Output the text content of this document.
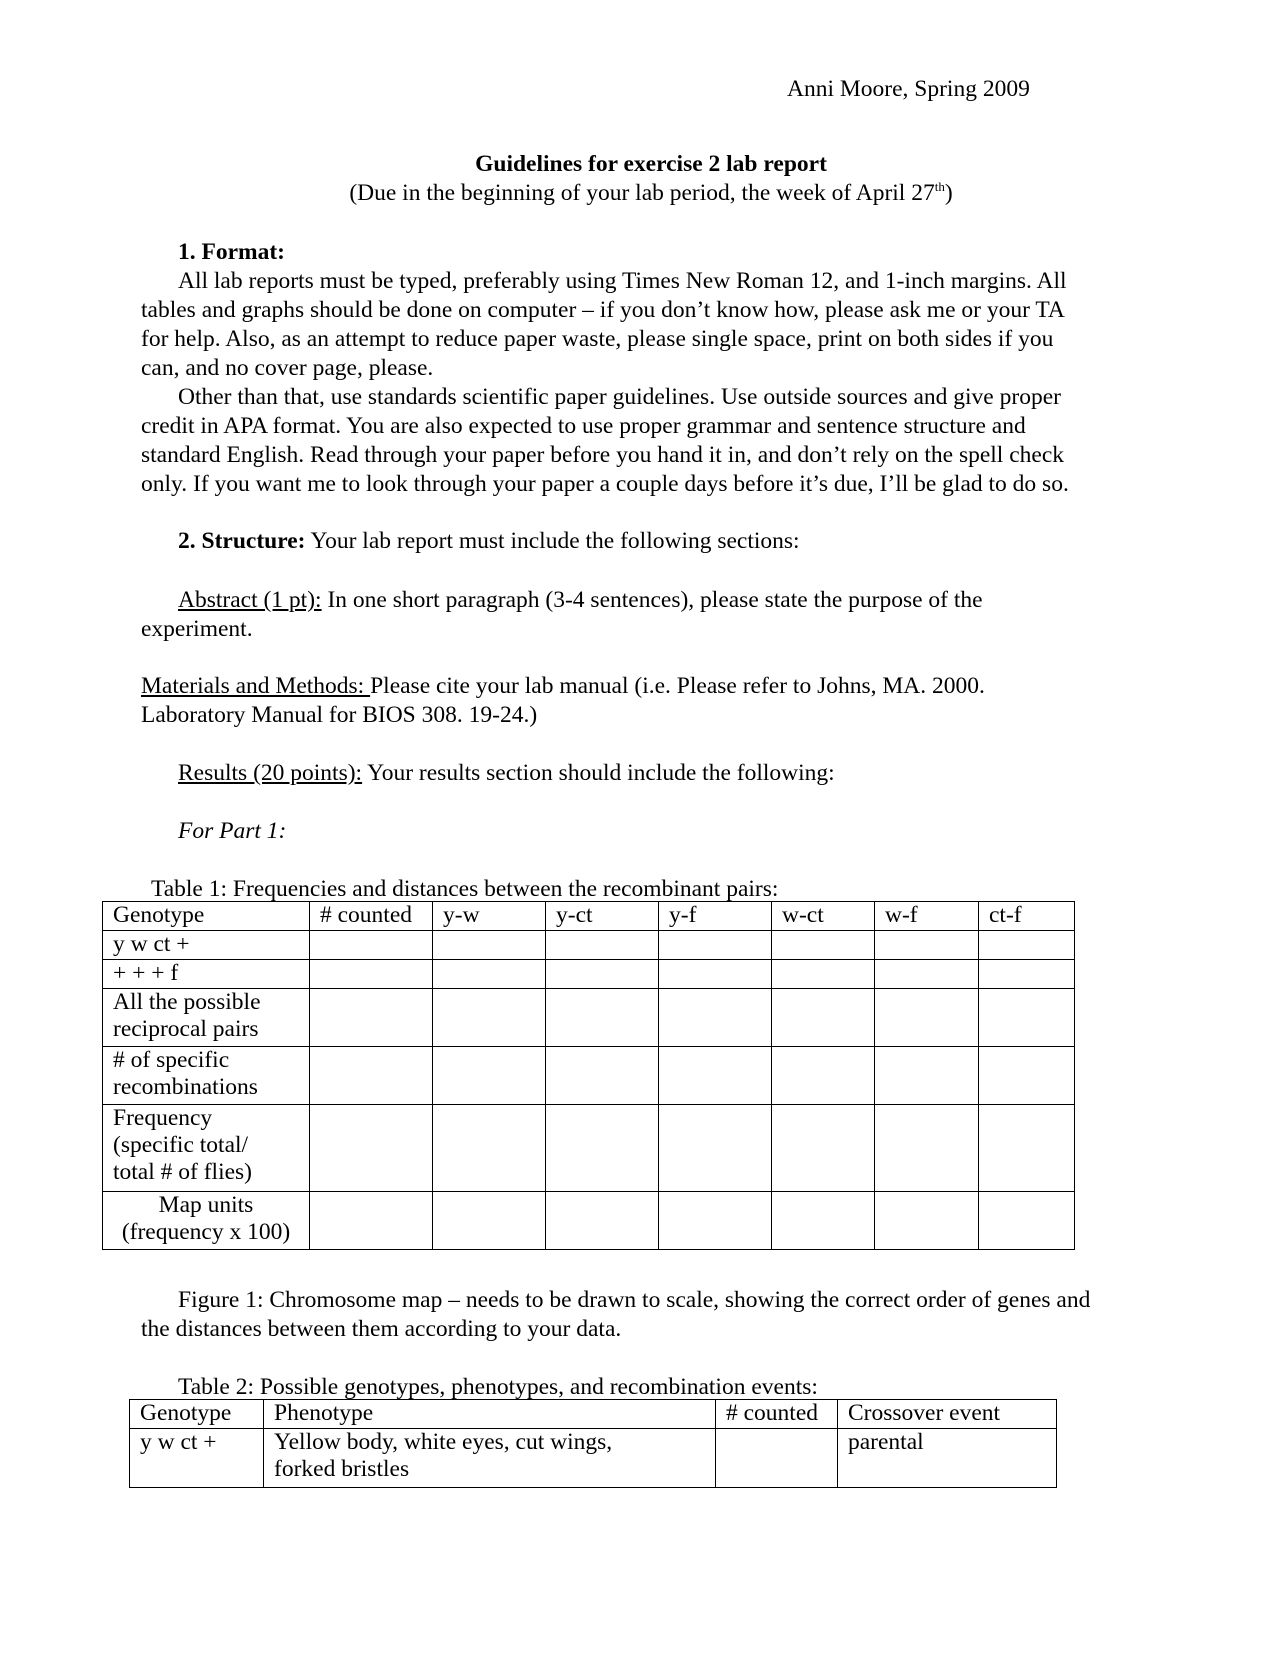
Anni Moore, Spring 2009
Guidelines for exercise 2 lab report
(Due in the beginning of your lab period, the week of April 27th)
1. Format:
All lab reports must be typed, preferably using Times New Roman 12, and 1-inch margins. All
tables and graphs should be done on computer – if you don’t know how, please ask me or your TA
for help. Also, as an attempt to reduce paper waste, please single space, print on both sides if you
can, and no cover page, please.
Other than that, use standards scientific paper guidelines. Use outside sources and give proper
credit in APA format. You are also expected to use proper grammar and sentence structure and
standard English. Read through your paper before you hand it in, and don’t rely on the spell check
only. If you want me to look through your paper a couple days before it’s due, I’ll be glad to do so.
2. Structure: Your lab report must include the following sections:
Abstract (1 pt): In one short paragraph (3-4 sentences), please state the purpose of the
experiment.
Materials and Methods: Please cite your lab manual (i.e. Please refer to Johns, MA. 2000.
Laboratory Manual for BIOS 308. 19-24.)
Results (20 points): Your results section should include the following:
For Part 1:
Table 1: Frequencies and distances between the recombinant pairs:
Genotype	# counted	y-w	y-ct	y-f	w-ct	w-f	ct-f
y w ct +							
+ + + f							

All the possible
reciprocal pairs							

# of specific
recombinations							

Frequency
(specific total/
total # of flies)							

Map units
(frequency x 100)							

Figure 1: Chromosome map – needs to be drawn to scale, showing the correct order of genes and
the distances between them according to your data.
Table 2: Possible genotypes, phenotypes, and recombination events:
Genotype	Phenotype	# counted	Crossover event
y w ct +	Yellow body, white eyes, cut wings,
forked bristles		parental
